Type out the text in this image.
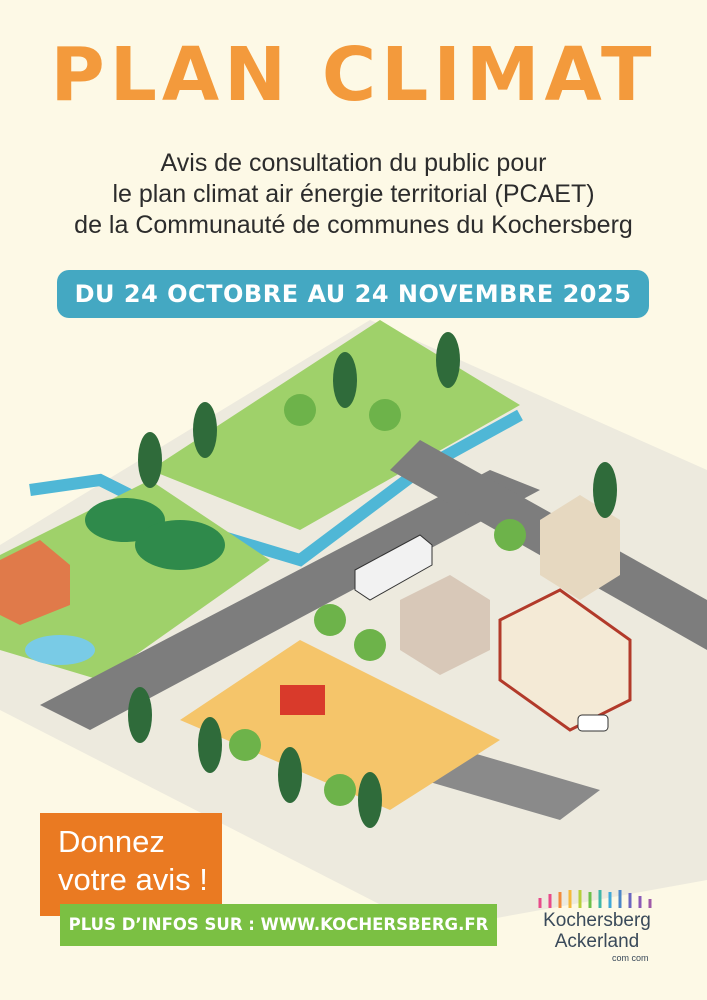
PLAN CLIMAT
Avis de consultation du public pour
le plan climat air énergie territorial (PCAET)
de la Communauté de communes du Kochersberg
DU 24 OCTOBRE AU 24 NOVEMBRE 2025
Donnez
votre avis !
PLUS D’INFOS SUR : WWW.KOCHERSBERG.FR	Kochersberg
Ackerland
com com
